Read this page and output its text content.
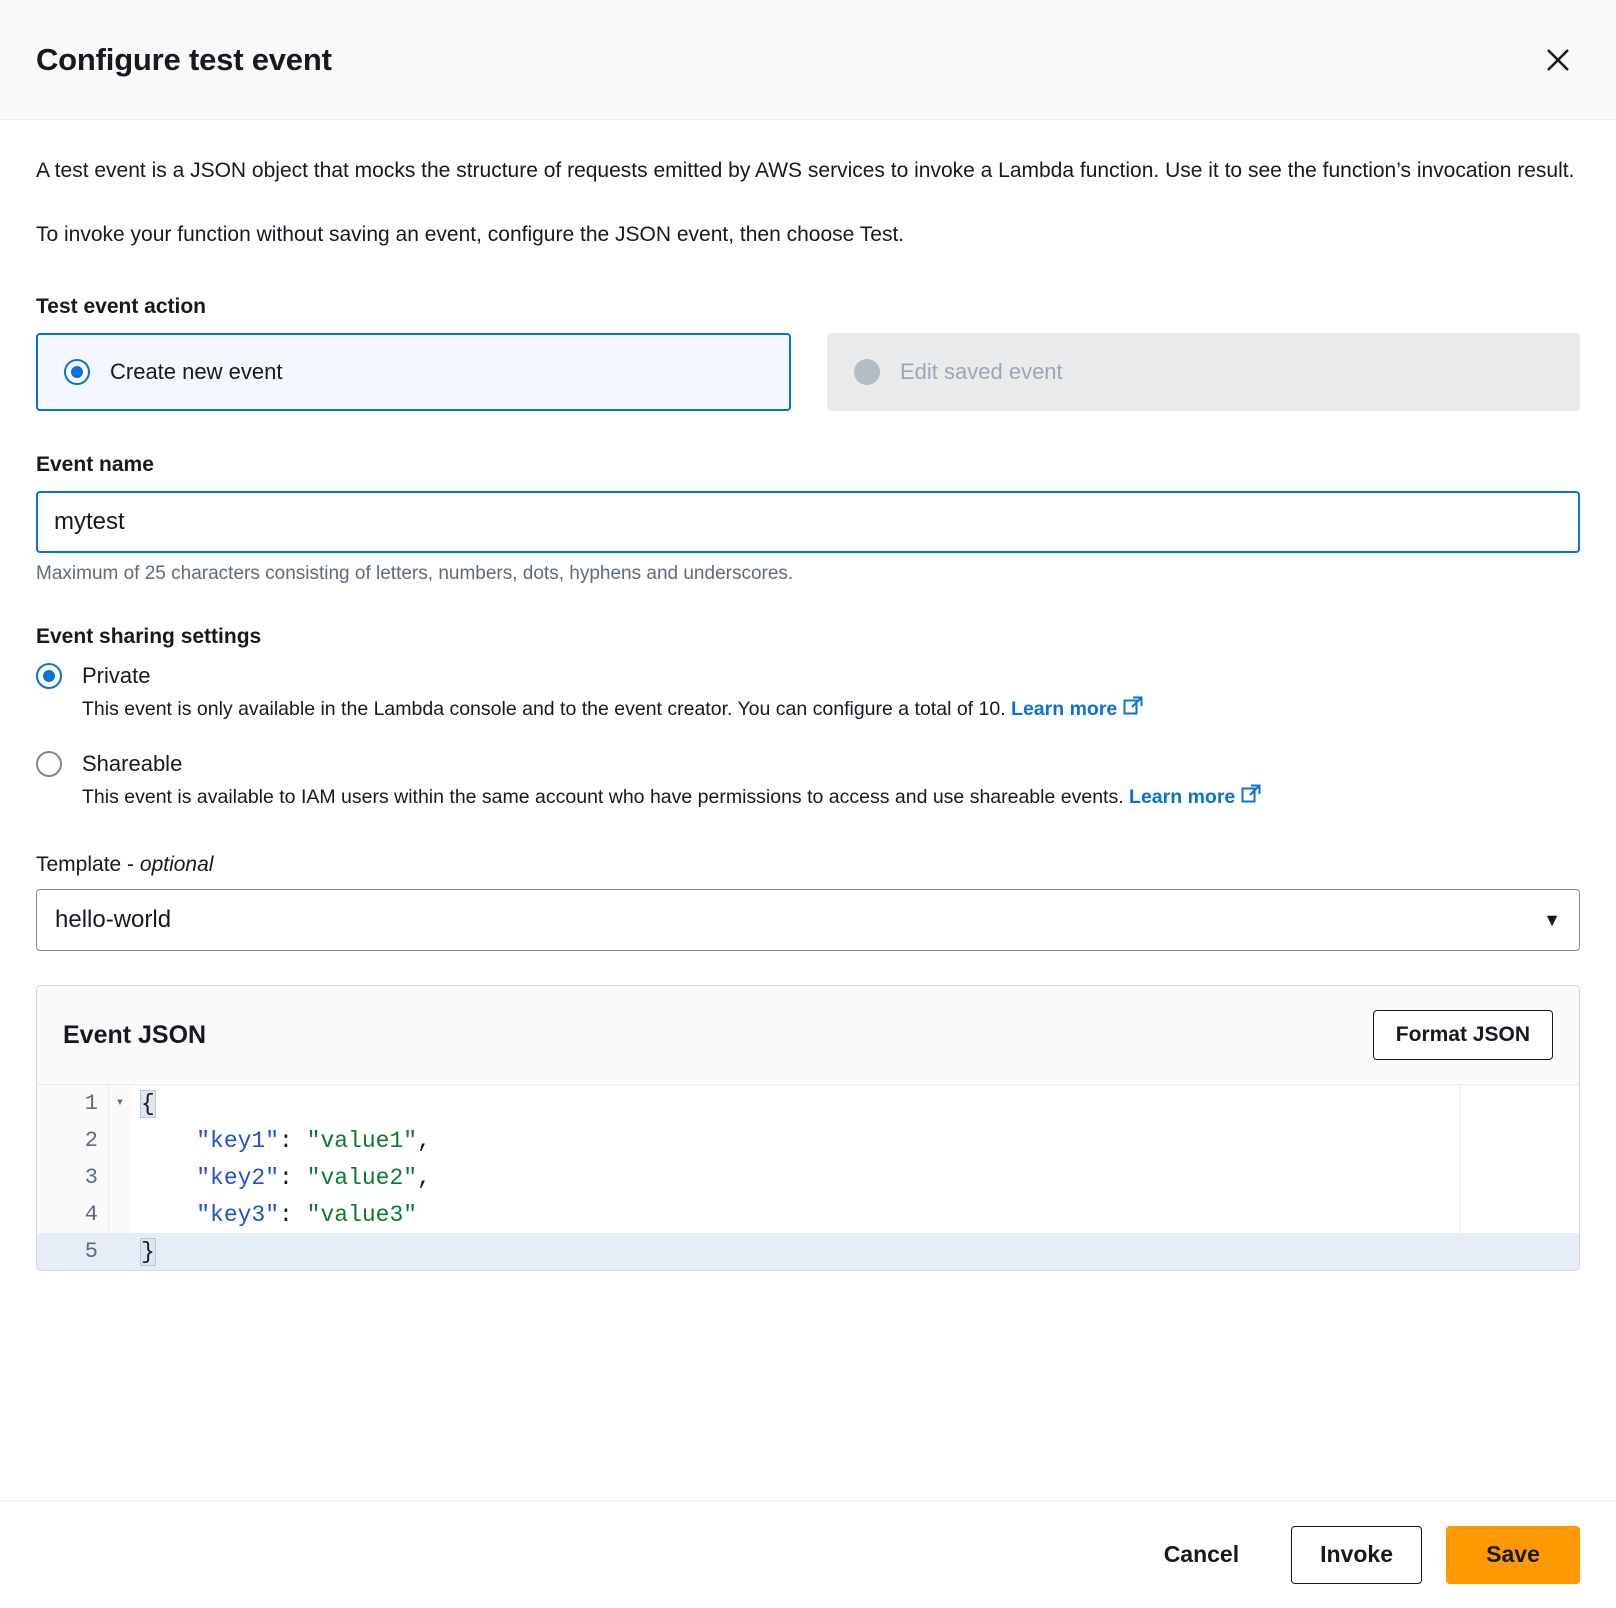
Configure test event

A test event is a JSON object that mocks the structure of requests emitted by AWS services to invoke a Lambda function. Use it to see the function’s invocation result.

To invoke your function without saving an event, configure the JSON event, then choose Test.

Test event action
Create new event	Edit saved event
Event name
mytest
Maximum of 25 characters consisting of letters, numbers, dots, hyphens and underscores.
Event sharing settings
Private
This event is only available in the Lambda console and to the event creator. You can configure a total of 10. Learn more
Shareable
This event is available to IAM users within the same account who have permissions to access and use shareable events. Learn more
Template - optional
hello-world	▼
Event JSON	Format JSON
1	▾ {
2	"key1": "value1",
3	"key2": "value2",
4	"key3": "value3"
5	}
Cancel	Invoke	Save
